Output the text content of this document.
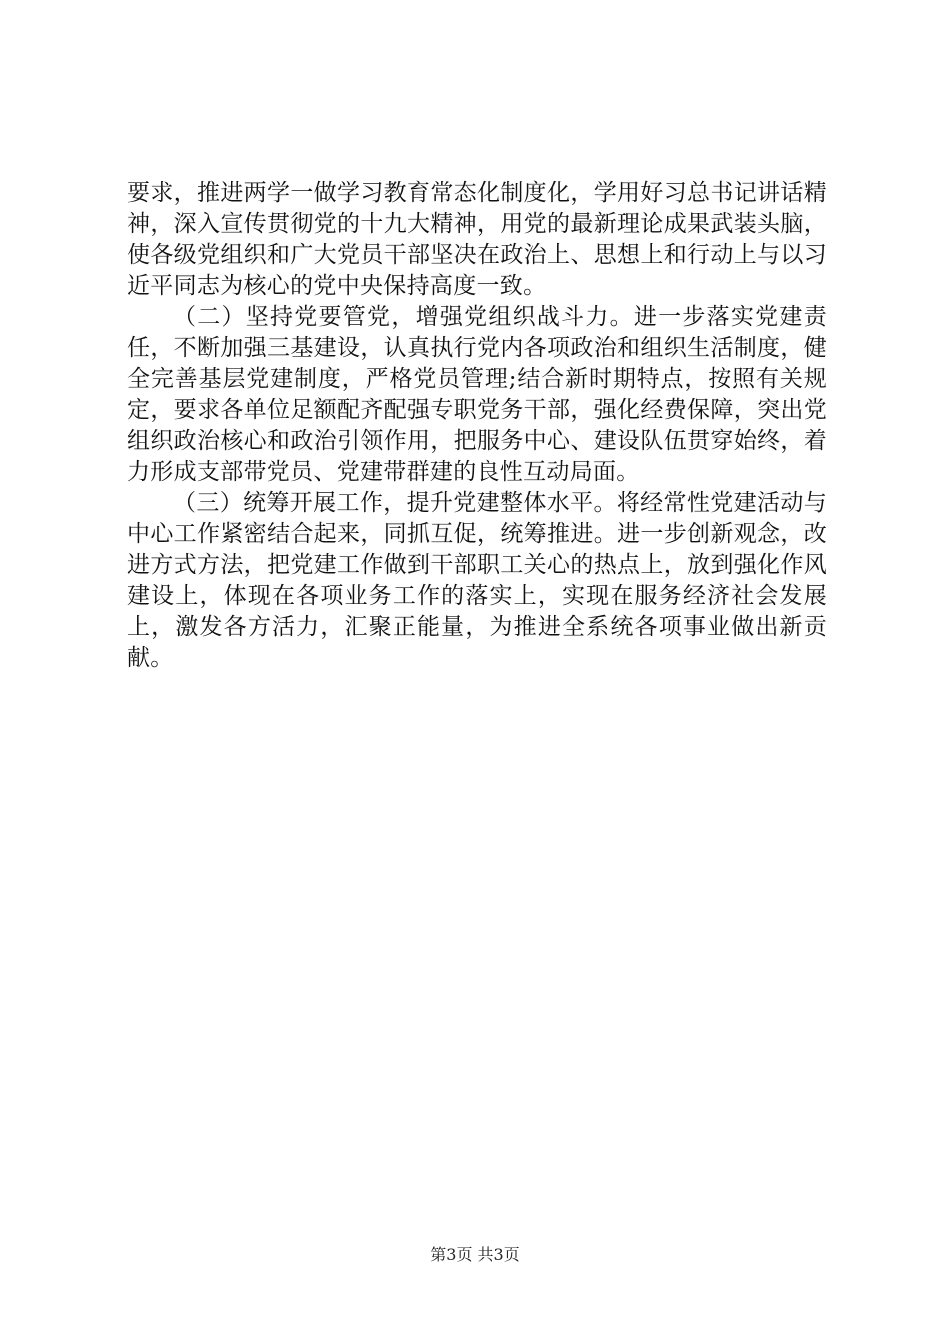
要求，推进两学一做学习教育常态化制度化，学用好习总书记讲话精神，深入宣传贯彻党的十九大精神，用党的最新理论成果武装头脑，使各级党组织和广大党员干部坚决在政治上、思想上和行动上与以习近平同志为核心的党中央保持高度一致。

（二）坚持党要管党，增强党组织战斗力。进一步落实党建责任，不断加强三基建设，认真执行党内各项政治和组织生活制度，健全完善基层党建制度，严格党员管理;结合新时期特点，按照有关规定，要求各单位足额配齐配强专职党务干部，强化经费保障，突出党组织政治核心和政治引领作用，把服务中心、建设队伍贯穿始终，着力形成支部带党员、党建带群建的良性互动局面。

（三）统筹开展工作，提升党建整体水平。将经常性党建活动与中心工作紧密结合起来，同抓互促，统筹推进。进一步创新观念，改进方式方法，把党建工作做到干部职工关心的热点上，放到强化作风建设上，体现在各项业务工作的落实上，实现在服务经济社会发展上，激发各方活力，汇聚正能量，为推进全系统各项事业做出新贡献。

第3页 共3页
